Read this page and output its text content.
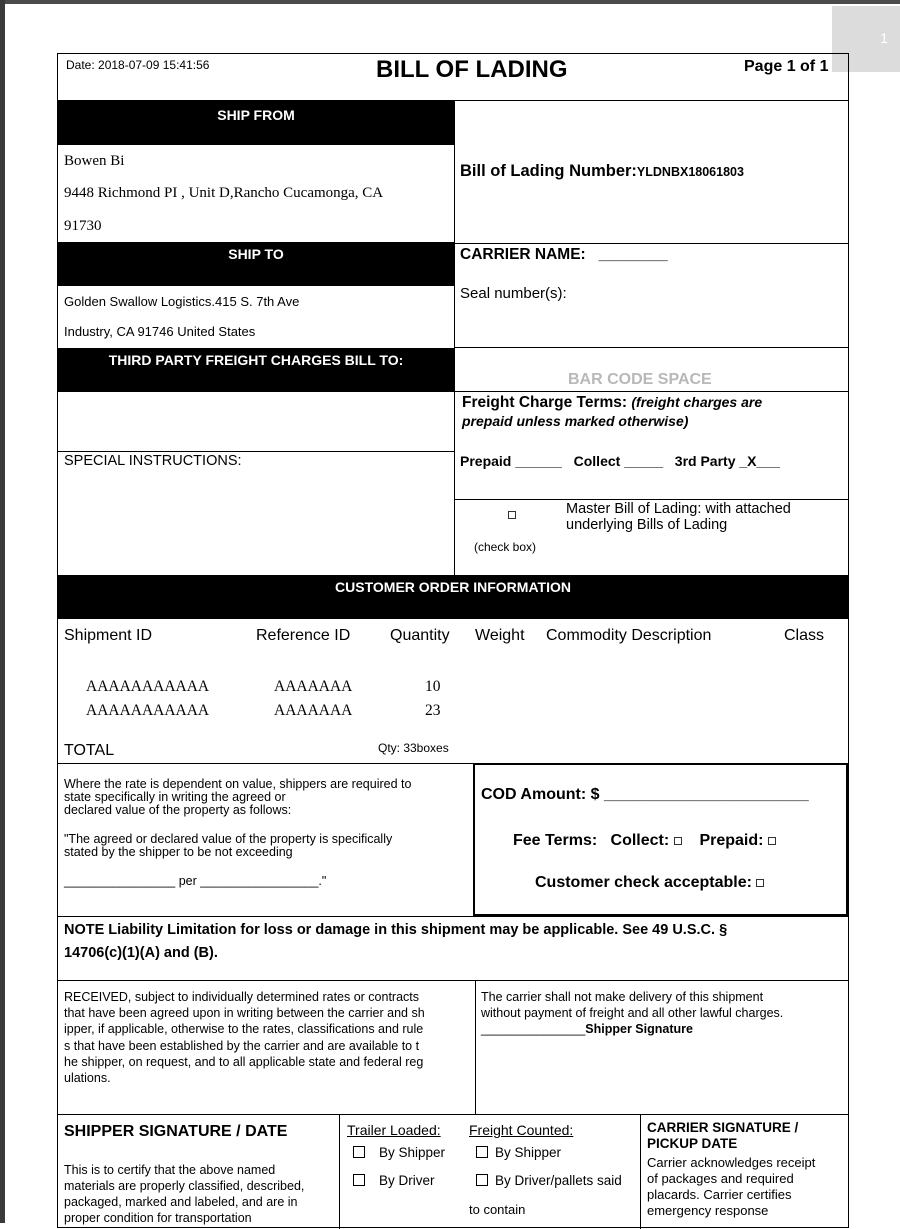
1
Date: 2018-07-09 15:41:56	BILL OF LADING	Page 1 of 1
SHIP FROM
Bowen Bi
9448 Richmond PI , Unit D,Rancho Cucamonga, CA
91730
Bill of Lading Number:YLDNBX18061803
SHIP TO	CARRIER NAME: ________
Seal number(s):
Golden Swallow Logistics.415 S. 7th Ave
Industry, CA 91746 United States
THIRD PARTY FREIGHT CHARGES BILL TO:
BAR CODE SPACE
Freight Charge Terms: (freight charges are
prepaid unless marked otherwise)
SPECIAL INSTRUCTIONS:	Prepaid ______   Collect _____   3rd Party _X___
Master Bill of Lading: with attached
underlying Bills of Lading
(check box)
CUSTOMER ORDER INFORMATION
Shipment ID	Reference ID Quantity Weight Commodity Description	Class
AAAAAAAAAAA	AAAAAAA	10
AAAAAAAAAAA	AAAAAAA	23
TOTAL	Qty: 33boxes
Where the rate is dependent on value, shippers are required to
state specifically in writing the agreed or
declared value of the property as follows:
"The agreed or declared value of the property is specifically
stated by the shipper to be not exceeding
________________ per _________________."
COD Amount: $ _______________________
Fee Terms: Collect: Prepaid:
Customer check acceptable:
NOTE Liability Limitation for loss or damage in this shipment may be applicable. See 49 U.S.C. §
14706(c)(1)(A) and (B).
RECEIVED, subject to individually determined rates or contracts
that have been agreed upon in writing between the carrier and sh
ipper, if applicable, otherwise to the rates, classifications and rule
s that have been established by the carrier and are available to t
he shipper, on request, and to all applicable state and federal reg
ulations.
The carrier shall not make delivery of this shipment
without payment of freight and all other lawful charges.
_______________Shipper Signature
SHIPPER SIGNATURE / DATE
This is to certify that the above named
materials are properly classified, described,
packaged, marked and labeled, and are in
proper condition for transportation
Trailer Loaded:
By Shipper
By Driver
Freight Counted:
By Shipper
By Driver/pallets said
to contain
CARRIER SIGNATURE /
PICKUP DATE
Carrier acknowledges receipt
of packages and required
placards. Carrier certifies
emergency response
